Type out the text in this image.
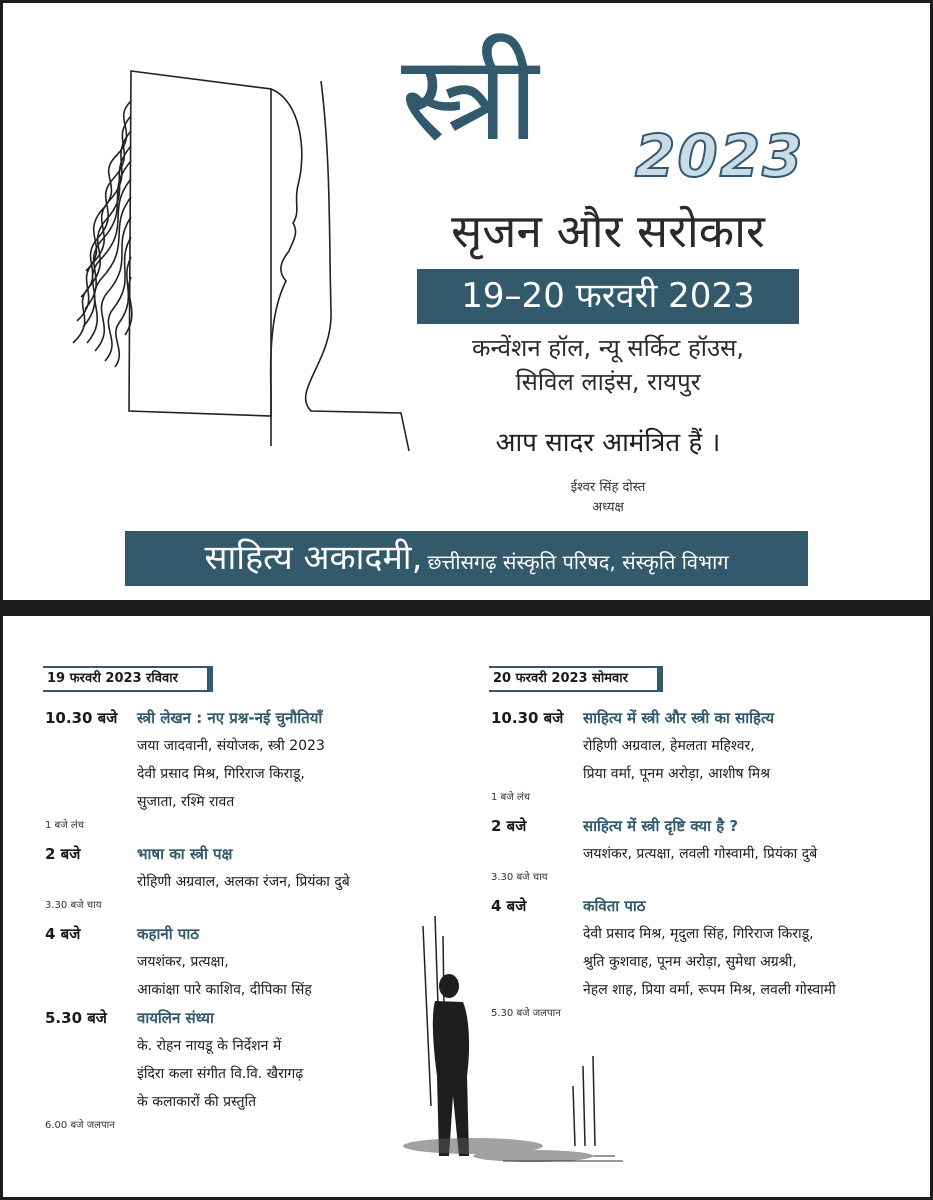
स्त्री	2023
सृजन और सरोकार
19–20 फरवरी 2023
कन्वेंशन हॉल, न्यू सर्किट हॉउस,
सिविल लाइंस, रायपुर
आप सादर आमंत्रित हैं ।
ईश्वर सिंह दोस्त
अध्यक्ष
साहित्य अकादमी, छत्तीसगढ़ संस्कृति परिषद, संस्कृति विभाग
19 फरवरी 2023 रविवार	20 फरवरी 2023 सोमवार
10.30 बजे	स्त्री लेखन : नए प्रश्न-नई चुनौतियाँ
जया जादवानी, संयोजक, स्त्री 2023
देवी प्रसाद मिश्र, गिरिराज किराडू,
सुजाता, रश्मि रावत
1 बजे लंच
2 बजे	भाषा का स्त्री पक्ष
रोहिणी अग्रवाल, अलका रंजन, प्रियंका दुबे
3.30 बजे चाय
4 बजे	कहानी पाठ
जयशंकर, प्रत्यक्षा,
आकांक्षा पारे काशिव, दीपिका सिंह
5.30 बजे	वायलिन संध्या
के. रोहन नायडू के निर्देशन में
इंदिरा कला संगीत वि.वि. खैरागढ़
के कलाकारों की प्रस्तुति
6.00 बजे जलपान
10.30 बजे	साहित्य में स्त्री और स्त्री का साहित्य
रोहिणी अग्रवाल, हेमलता महिश्वर,
प्रिया वर्मा, पूनम अरोड़ा, आशीष मिश्र
1 बजे लंच
2 बजे	साहित्य में स्त्री दृष्टि क्या है ?
जयशंकर, प्रत्यक्षा, लवली गोस्वामी, प्रियंका दुबे
3.30 बजे चाय
4 बजे	कविता पाठ
देवी प्रसाद मिश्र, मृदुला सिंह, गिरिराज किराडू,
श्रुति कुशवाह, पूनम अरोड़ा, सुमेधा अग्रश्री,
नेहल शाह, प्रिया वर्मा, रूपम मिश्र, लवली गोस्वामी
5.30 बजे जलपान
